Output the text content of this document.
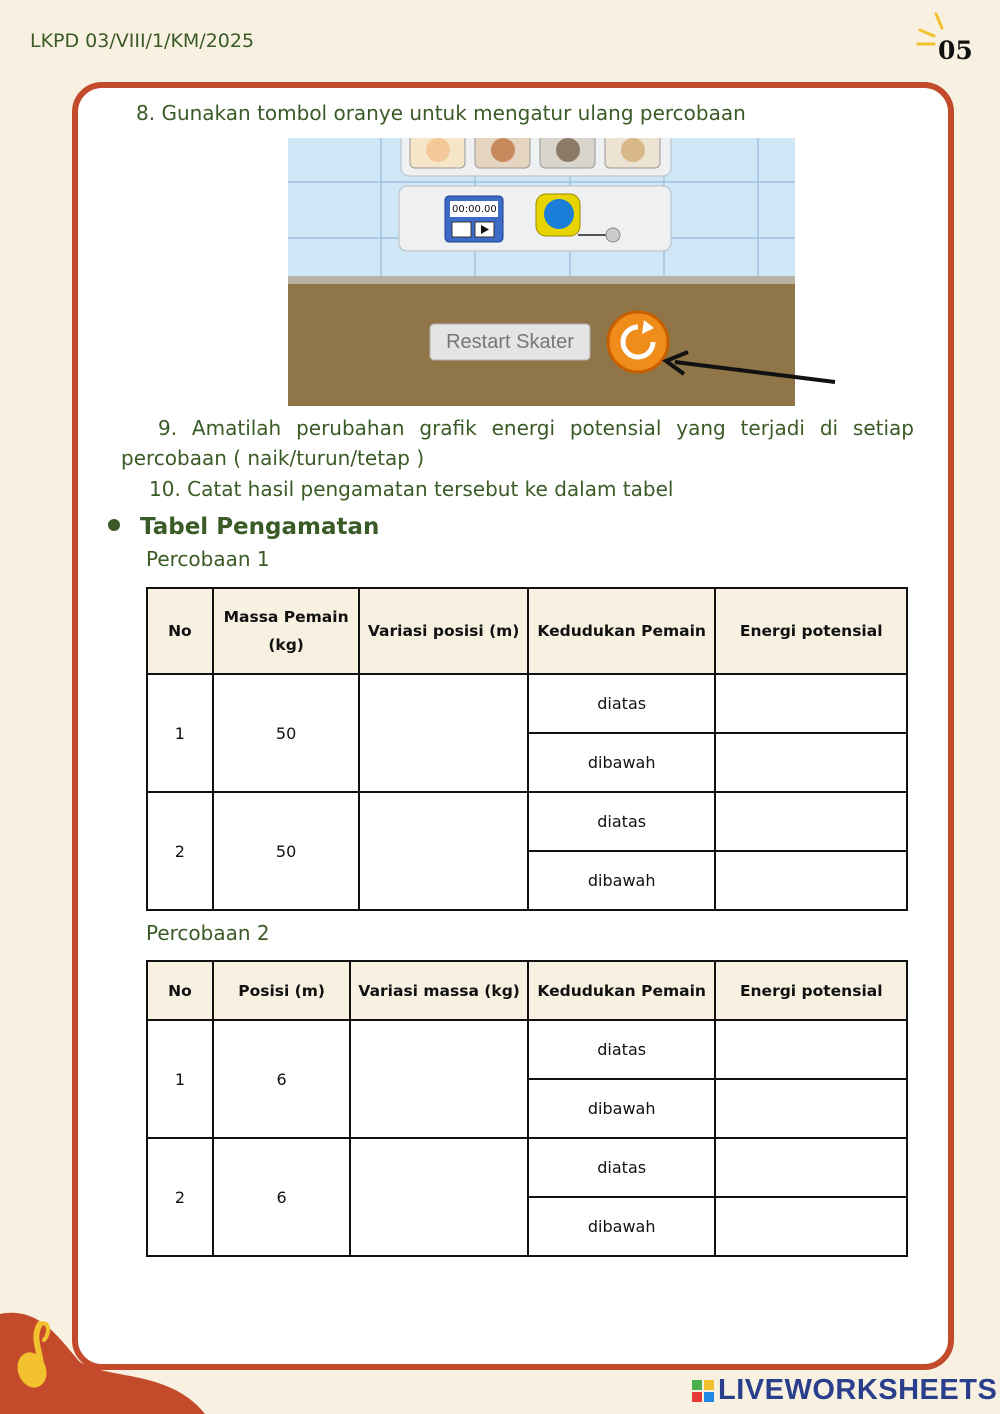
LKPD 03/VIII/1/KM/2025	05
8. Gunakan tombol oranye untuk mengatur ulang percobaan
00:00.00
Restart Skater
9. Amatilah perubahan grafik energi potensial yang terjadi di setiap
percobaan ( naik/turun/tetap )
10. Catat hasil pengamatan tersebut ke dalam tabel
Tabel Pengamatan
Percobaan 1
No	Massa Pemain (kg)	Variasi posisi (m)	Kedudukan Pemain	Energi potensial
1	50		diatas	
			dibawah	
2	50		diatas	
			dibawah	
Percobaan 2
No	Posisi (m)	Variasi massa (kg)	Kedudukan Pemain	Energi potensial
1	6		diatas	
			dibawah	
2	6		diatas	
			dibawah	
LIVEWORKSHEETS
